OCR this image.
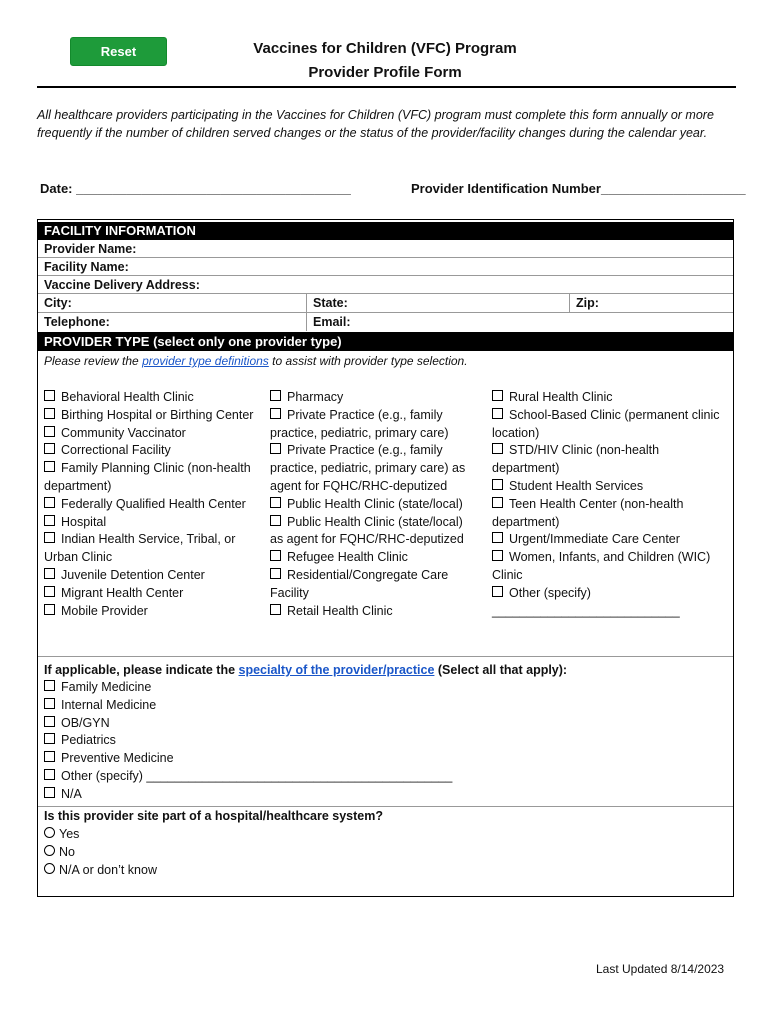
Reset	Vaccines for Children (VFC) Program
Provider Profile Form
All healthcare providers participating in the Vaccines for Children (VFC) program must complete this form annually or more frequently if the number of children served changes or the status of the provider/facility changes during the calendar year.
Date: ______________________________________	Provider Identification Number____________________
FACILITY INFORMATION
Provider Name:
Facility Name:
Vaccine Delivery Address:
City:	State:	Zip:
Telephone:	Email:
PROVIDER TYPE (select only one provider type)
Please review the provider type definitions to assist with provider type selection.
Behavioral Health Clinic
Birthing Hospital or Birthing Center
Community Vaccinator
Correctional Facility
Family Planning Clinic (non-health department)
Federally Qualified Health Center
Hospital
Indian Health Service, Tribal, or Urban Clinic
Juvenile Detention Center
Migrant Health Center
Mobile Provider
Pharmacy
Private Practice (e.g., family practice, pediatric, primary care)
Private Practice (e.g., family practice, pediatric, primary care) as agent for FQHC/RHC-deputized
Public Health Clinic (state/local)
Public Health Clinic (state/local) as agent for FQHC/RHC-deputized
Refugee Health Clinic
Residential/Congregate Care Facility
Retail Health Clinic
Rural Health Clinic
School-Based Clinic (permanent clinic location)
STD/HIV Clinic (non-health department)
Student Health Services
Teen Health Center (non-health department)
Urgent/Immediate Care Center
Women, Infants, and Children (WIC) Clinic
Other (specify)
___________________________
If applicable, please indicate the specialty of the provider/practice (Select all that apply):
Family Medicine
Internal Medicine
OB/GYN
Pediatrics
Preventive Medicine
Other (specify) ____________________________________________
N/A
Is this provider site part of a hospital/healthcare system?
Yes
No
N/A or don’t know
Last Updated 8/14/2023
